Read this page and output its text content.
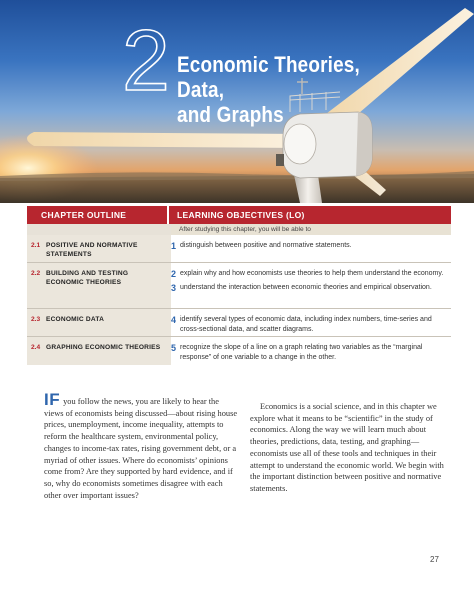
2 Economic Theories, Data,
and Graphs
CHAPTER OUTLINE	LEARNING OBJECTIVES (LO)
After studying this chapter, you will be able to
2.1 POSITIVE AND NORMATIVE STATEMENTS
1 distinguish between positive and normative statements.
2.2 BUILDING AND TESTING ECONOMIC THEORIES
2 explain why and how economists use theories to help them understand the economy.
3 understand the interaction between economic theories and empirical observation.
2.3 ECONOMIC DATA	4 identify several types of economic data, including index numbers, time-series and cross-sectional data, and scatter diagrams.
2.4 GRAPHING ECONOMIC THEORIES 5 recognize the slope of a line on a graph relating two variables as the “marginal response” of one variable to a change in the other.
IF you follow the news, you are likely to hear the views of economists being discussed—about rising house prices, unemployment, income inequality, attempts to reform the healthcare system, environmental policy, changes to income-tax rates, rising government debt, or a myriad of other issues. Where do economists’ opinions come from? Are they supported by hard evidence, and if so, why do economists sometimes disagree with each other over important issues?
Economics is a social science, and in this chapter we explore what it means to be “scientific” in the study of economics. Along the way we will learn much about theories, predictions, data, testing, and graphing—economists use all of these tools and techniques in their attempt to understand the economic world. We begin with the important distinction between positive and normative statements.
27
